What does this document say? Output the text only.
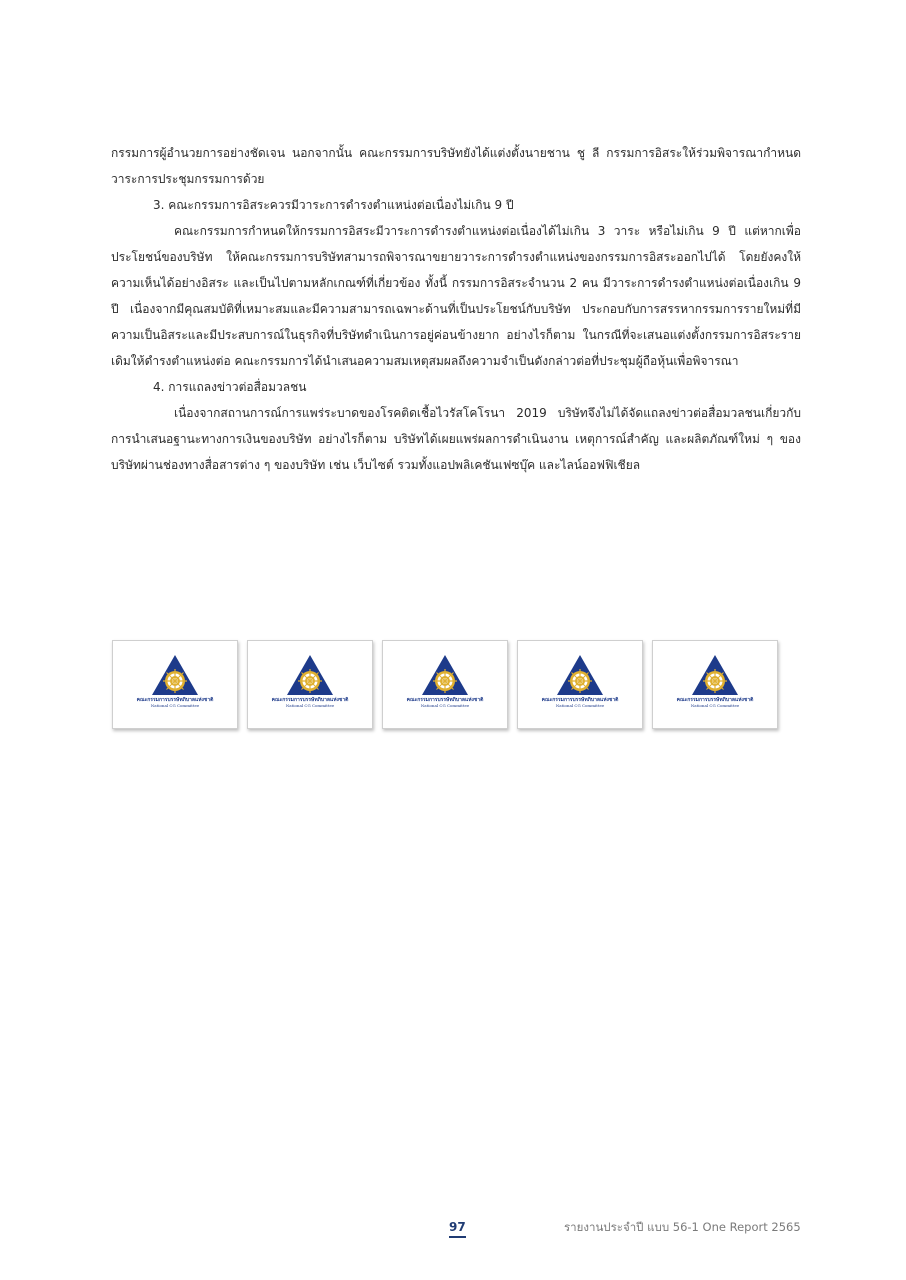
กรรมการผู้อำนวยการอย่างชัดเจน นอกจากนั้น คณะกรรมการบริษัทยังได้แต่งตั้งนายชาน ชู ลี กรรมการอิสระให้ร่วมพิจารณากำหนดวาระการประชุมกรรมการด้วย

3. คณะกรรมการอิสระควรมีวาระการดำรงตำแหน่งต่อเนื่องไม่เกิน 9 ปี

คณะกรรมการกำหนดให้กรรมการอิสระมีวาระการดำรงตำแหน่งต่อเนื่องได้ไม่เกิน 3 วาระ หรือไม่เกิน 9 ปี แต่หากเพื่อประโยชน์ของบริษัท ให้คณะกรรมการบริษัทสามารถพิจารณาขยายวาระการดำรงตำแหน่งของกรรมการอิสระออกไปได้ โดยยังคงให้ความเห็นได้อย่างอิสระ และเป็นไปตามหลักเกณฑ์ที่เกี่ยวข้อง ทั้งนี้ กรรมการอิสระจำนวน 2 คน มีวาระการดำรงตำแหน่งต่อเนื่องเกิน 9 ปี เนื่องจากมีคุณสมบัติที่เหมาะสมและมีความสามารถเฉพาะด้านที่เป็นประโยชน์กับบริษัท ประกอบกับการสรรหากรรมการรายใหม่ที่มีความเป็นอิสระและมีประสบการณ์ในธุรกิจที่บริษัทดำเนินการอยู่ค่อนข้างยาก อย่างไรก็ตาม ในกรณีที่จะเสนอแต่งตั้งกรรมการอิสระรายเดิมให้ดำรงตำแหน่งต่อ คณะกรรมการได้นำเสนอความสมเหตุสมผลถึงความจำเป็นดังกล่าวต่อที่ประชุมผู้ถือหุ้นเพื่อพิจารณา

4. การแถลงข่าวต่อสื่อมวลชน

เนื่องจากสถานการณ์การแพร่ระบาดของโรคติดเชื้อไวรัสโคโรนา 2019 บริษัทจึงไม่ได้จัดแถลงข่าวต่อสื่อมวลชนเกี่ยวกับการนำเสนอฐานะทางการเงินของบริษัท อย่างไรก็ตาม บริษัทได้เผยแพร่ผลการดำเนินงาน เหตุการณ์สำคัญ และผลิตภัณฑ์ใหม่ ๆ ของบริษัทผ่านช่องทางสื่อสารต่าง ๆ ของบริษัท เช่น เว็บไซต์ รวมทั้งแอปพลิเคชันเฟซบุ๊ค และไลน์ออฟฟิเชียล

คณะกรรมการบรรษัทภิบาลแห่งชาติ
National CG Committee
คณะกรรมการบรรษัทภิบาลแห่งชาติ
National CG Committee
คณะกรรมการบรรษัทภิบาลแห่งชาติ
National CG Committee
คณะกรรมการบรรษัทภิบาลแห่งชาติ
National CG Committee
คณะกรรมการบรรษัทภิบาลแห่งชาติ
National CG Committee
97	รายงานประจำปี แบบ 56-1 One Report 2565
